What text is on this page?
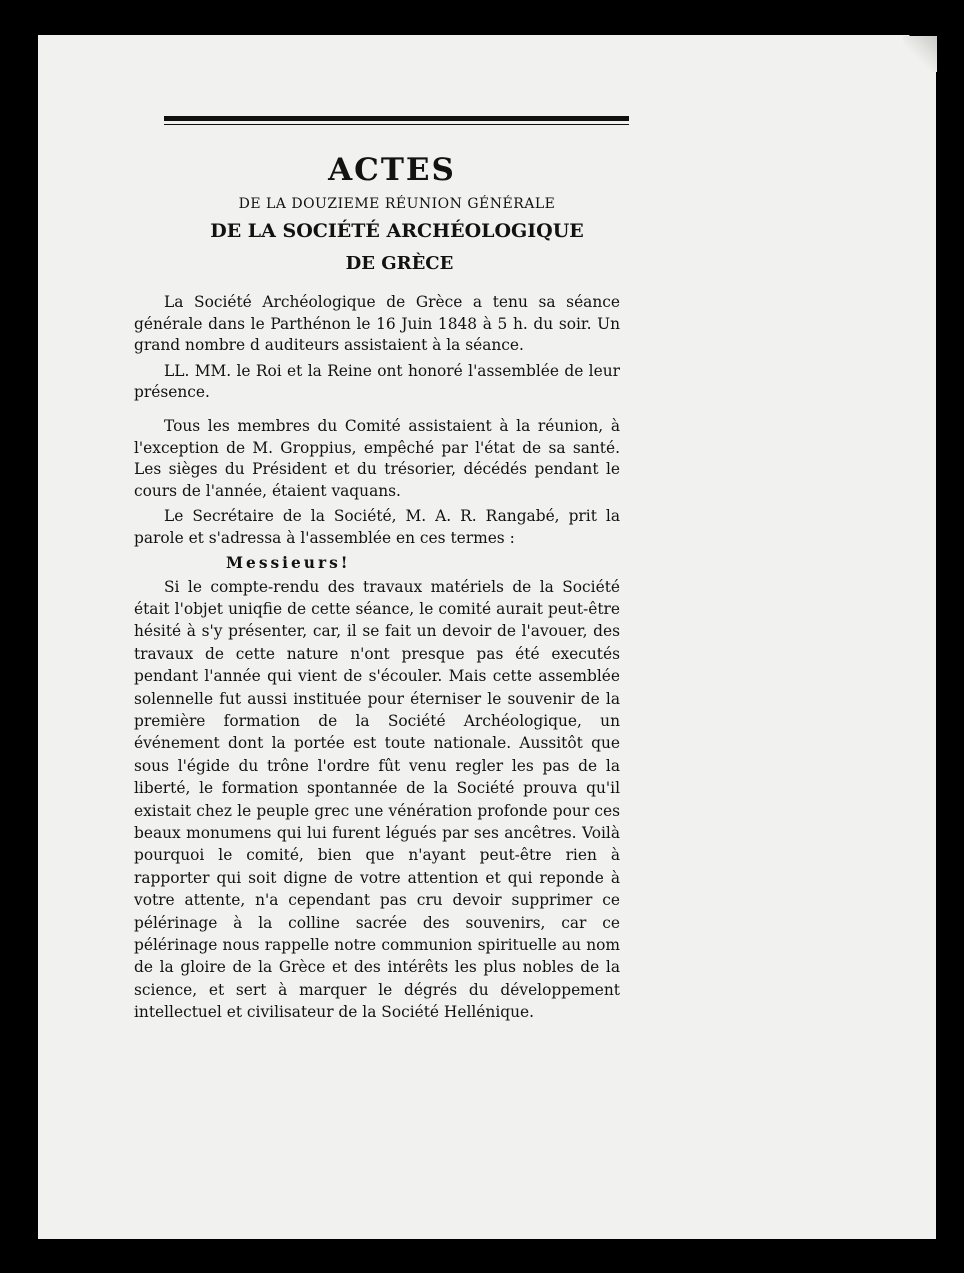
ACTES
DE LA DOUZIEME RÉUNION GÉNÉRALE
DE LA SOCIÉTÉ ARCHÉOLOGIQUE
DE GRÈCE

La Société Archéologique de Grèce a tenu sa séance générale dans le Parthénon le 16 Juin 1848 à 5 h. du soir. Un grand nombre d auditeurs assistaient à la séance.

LL. MM. le Roi et la Reine ont honoré l'assemblée de leur présence.

Tous les membres du Comité assistaient à la réunion, à l'exception de M. Groppius, empêché par l'état de sa santé. Les sièges du Président et du trésorier, décédés pendant le cours de l'année, étaient vaquans.

Le Secrétaire de la Société, M. A. R. Rangabé, prit la parole et s'adressa à l'assemblée en ces termes :

Messieurs!

Si le compte-rendu des travaux matériels de la Société était l'objet uniqfie de cette séance, le comité aurait peut-être hésité à s'y présenter, car, il se fait un devoir de l'avouer, des travaux de cette nature n'ont presque pas été executés pendant l'année qui vient de s'écouler. Mais cette assemblée solennelle fut aussi instituée pour éterniser le souvenir de la première formation de la Société Archéologique, un événement dont la portée est toute nationale. Aussitôt que sous l'égide du trône l'ordre fût venu regler les pas de la liberté, le formation spontannée de la Société prouva qu'il existait chez le peuple grec une vénération profonde pour ces beaux monumens qui lui furent légués par ses ancêtres. Voilà pourquoi le comité, bien que n'ayant peut-être rien à rapporter qui soit digne de votre attention et qui reponde à votre attente, n'a cependant pas cru devoir supprimer ce pélérinage à la colline sacrée des souvenirs, car ce pélérinage nous rappelle notre communion spirituelle au nom de la gloire de la Grèce et des intérêts les plus nobles de la science, et sert à marquer le dégrés du développement intellectuel et civilisateur de la Société Hellénique.
